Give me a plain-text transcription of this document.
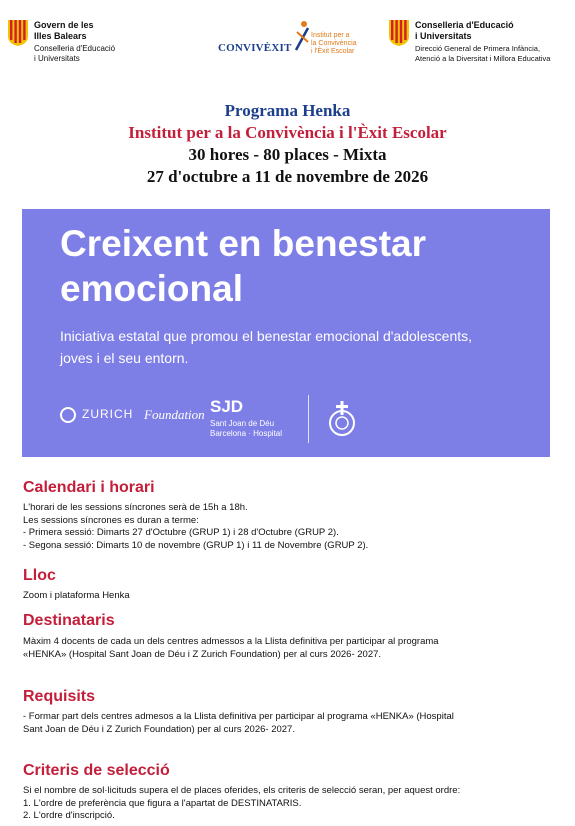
Govern de les
Illes Balears
Conselleria d'Educació
i Universitats
CONVIVÈXIT
Institut per a
la Convivència
i l'Èxit Escolar
Conselleria d'Educació
i Universitats
Direcció General de Primera Infància,
Atenció a la Diversitat i Millora Educativa
Programa Henka
Institut per a la Convivència i l'Èxit Escolar
30 hores - 80 places - Mixta
27 d'octubre a 11 de novembre de 2026
Creixent en benestar
emocional
Iniciativa estatal que promou el benestar emocional d'adolescents,
joves i el seu entorn.
ZURICH Foundation SJD
Sant Joan de Déu
Barcelona · Hospital
Calendari i horari
L'horari de les sessions síncrones serà de 15h a 18h.
Les sessions síncrones es duran a terme:
- Primera sessió: Dimarts 27 d'Octubre (GRUP 1) i 28 d'Octubre (GRUP 2).
- Segona sessió: Dimarts 10 de novembre (GRUP 1) i 11 de Novembre (GRUP 2).
Lloc
Zoom i plataforma Henka
Destinataris
Màxim 4 docents de cada un dels centres admessos a la Llista definitiva per participar al programa
«HENKA» (Hospital Sant Joan de Déu i Z Zurich Foundation) per al curs 2026- 2027.
Requisits
- Formar part dels centres admesos a la Llista definitiva per participar al programa «HENKA» (Hospital
Sant Joan de Déu i Z Zurich Foundation) per al curs 2026- 2027.
Criteris de selecció
Si el nombre de sol·licituds supera el de places oferides, els criteris de selecció seran, per aquest ordre:
1. L'ordre de preferència que figura a l'apartat de DESTINATARIS.
2. L'ordre d'inscripció.
